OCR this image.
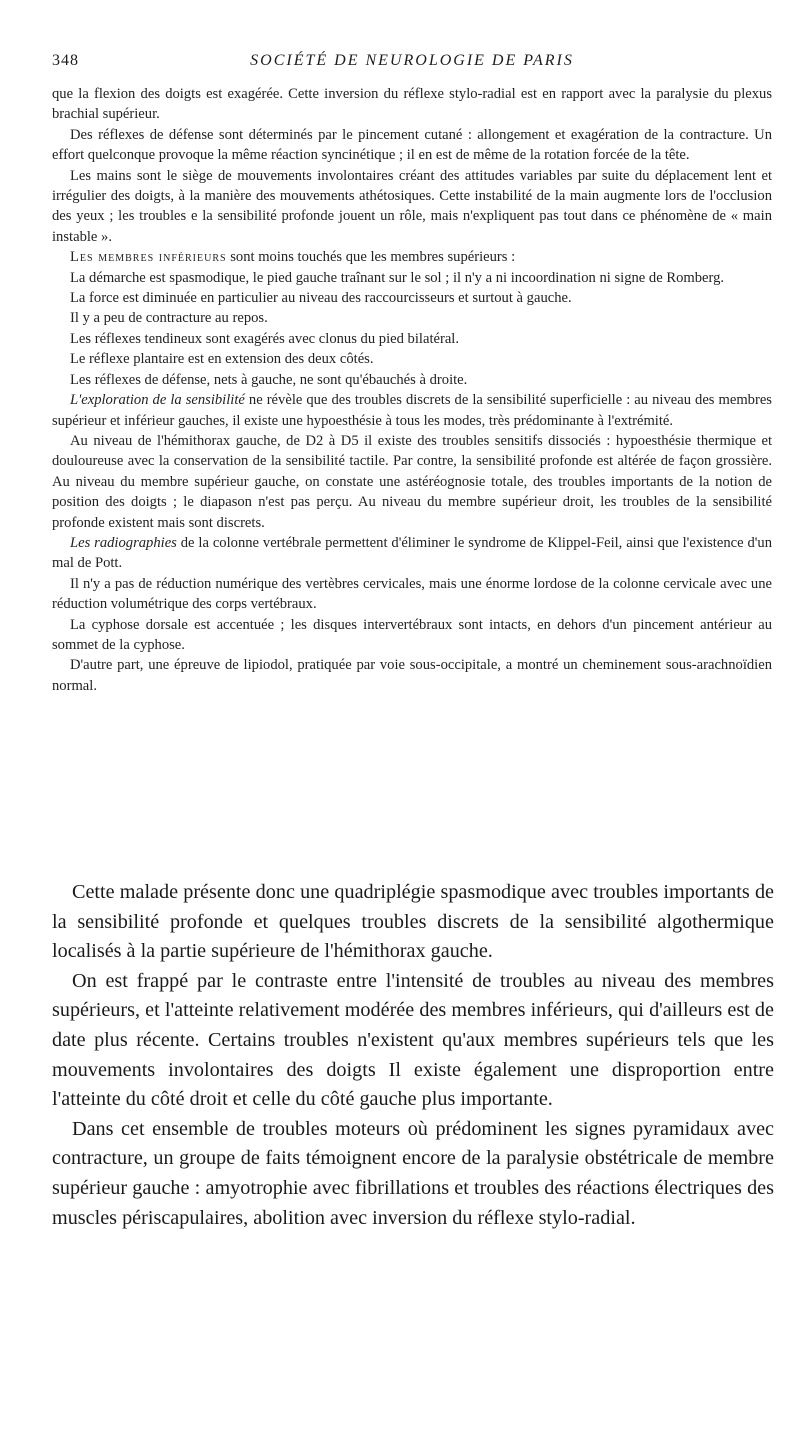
348	SOCIÉTÉ DE NEUROLOGIE DE PARIS

que la flexion des doigts est exagérée. Cette inversion du réflexe stylo-radial est en rapport avec la paralysie du plexus brachial supérieur.

Des réflexes de défense sont déterminés par le pincement cutané : allongement et exagération de la contracture. Un effort quelconque provoque la même réaction syncinétique ; il en est de même de la rotation forcée de la tête.

Les mains sont le siège de mouvements involontaires créant des attitudes variables par suite du déplacement lent et irrégulier des doigts, à la manière des mouvements athétosiques. Cette instabilité de la main augmente lors de l'occlusion des yeux ; les troubles e la sensibilité profonde jouent un rôle, mais n'expliquent pas tout dans ce phénomène de « main instable ».

Les membres inférieurs sont moins touchés que les membres supérieurs :

La démarche est spasmodique, le pied gauche traînant sur le sol ; il n'y a ni incoordination ni signe de Romberg.

La force est diminuée en particulier au niveau des raccourcisseurs et surtout à gauche.

Il y a peu de contracture au repos.

Les réflexes tendineux sont exagérés avec clonus du pied bilatéral.

Le réflexe plantaire est en extension des deux côtés.

Les réflexes de défense, nets à gauche, ne sont qu'ébauchés à droite.

L'exploration de la sensibilité ne révèle que des troubles discrets de la sensibilité superficielle : au niveau des membres supérieur et inférieur gauches, il existe une hypoesthésie à tous les modes, très prédominante à l'extrémité.

Au niveau de l'hémithorax gauche, de D2 à D5 il existe des troubles sensitifs dissociés : hypoesthésie thermique et douloureuse avec la conservation de la sensibilité tactile. Par contre, la sensibilité profonde est altérée de façon grossière. Au niveau du membre supérieur gauche, on constate une astéréognosie totale, des troubles importants de la notion de position des doigts ; le diapason n'est pas perçu. Au niveau du membre supérieur droit, les troubles de la sensibilité profonde existent mais sont discrets.

Les radiographies de la colonne vertébrale permettent d'éliminer le syndrome de Klippel-Feil, ainsi que l'existence d'un mal de Pott.

Il n'y a pas de réduction numérique des vertèbres cervicales, mais une énorme lordose de la colonne cervicale avec une réduction volumétrique des corps vertébraux.

La cyphose dorsale est accentuée ; les disques intervertébraux sont intacts, en dehors d'un pincement antérieur au sommet de la cyphose.

D'autre part, une épreuve de lipiodol, pratiquée par voie sous-occipitale, a montré un cheminement sous-arachnoïdien normal.

Cette malade présente donc une quadriplégie spasmodique avec troubles importants de la sensibilité profonde et quelques troubles discrets de la sensibilité algothermique localisés à la partie supérieure de l'hémithorax gauche.

On est frappé par le contraste entre l'intensité de troubles au niveau des membres supérieurs, et l'atteinte relativement modérée des membres inférieurs, qui d'ailleurs est de date plus récente. Certains troubles n'existent qu'aux membres supérieurs tels que les mouvements involontaires des doigts Il existe également une disproportion entre l'atteinte du côté droit et celle du côté gauche plus importante.

Dans cet ensemble de troubles moteurs où prédominent les signes pyramidaux avec contracture, un groupe de faits témoignent encore de la paralysie obstétricale de membre supérieur gauche : amyotrophie avec fibrillations et troubles des réactions électriques des muscles périscapulaires, abolition avec inversion du réflexe stylo-radial.
